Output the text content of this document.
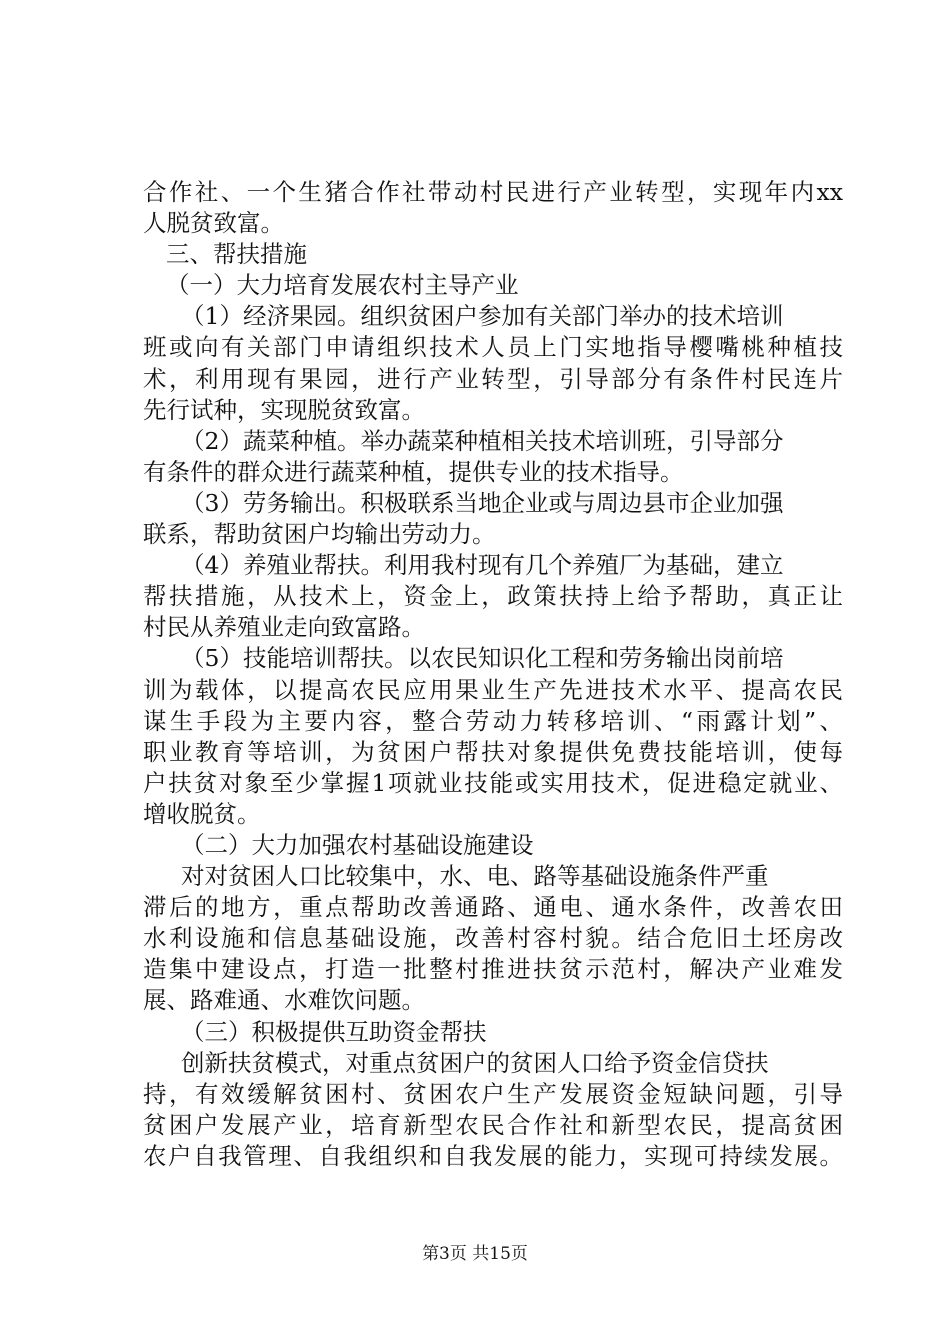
合作社、一个生猪合作社带动村民进行产业转型，实现年内xx
人脱贫致富。
三、帮扶措施
（一）大力培育发展农村主导产业
（1）经济果园。组织贫困户参加有关部门举办的技术培训
班或向有关部门申请组织技术人员上门实地指导樱嘴桃种植技
术，利用现有果园，进行产业转型，引导部分有条件村民连片
先行试种，实现脱贫致富。
（2）蔬菜种植。举办蔬菜种植相关技术培训班，引导部分
有条件的群众进行蔬菜种植，提供专业的技术指导。
（3）劳务输出。积极联系当地企业或与周边县市企业加强
联系，帮助贫困户均输出劳动力。
（4）养殖业帮扶。利用我村现有几个养殖厂为基础，建立
帮扶措施，从技术上，资金上，政策扶持上给予帮助，真正让
村民从养殖业走向致富路。
（5）技能培训帮扶。以农民知识化工程和劳务输出岗前培
训为载体，以提高农民应用果业生产先进技术水平、提高农民
谋生手段为主要内容，整合劳动力转移培训、“雨露计划”、
职业教育等培训，为贫困户帮扶对象提供免费技能培训，使每
户扶贫对象至少掌握1项就业技能或实用技术，促进稳定就业、
增收脱贫。
（二）大力加强农村基础设施建设
对对贫困人口比较集中，水、电、路等基础设施条件严重
滞后的地方，重点帮助改善通路、通电、通水条件，改善农田
水利设施和信息基础设施，改善村容村貌。结合危旧土坯房改
造集中建设点，打造一批整村推进扶贫示范村，解决产业难发
展、路难通、水难饮问题。
（三）积极提供互助资金帮扶
创新扶贫模式，对重点贫困户的贫困人口给予资金信贷扶
持，有效缓解贫困村、贫困农户生产发展资金短缺问题，引导
贫困户发展产业，培育新型农民合作社和新型农民，提高贫困
农户自我管理、自我组织和自我发展的能力，实现可持续发展。
第3页 共15页
